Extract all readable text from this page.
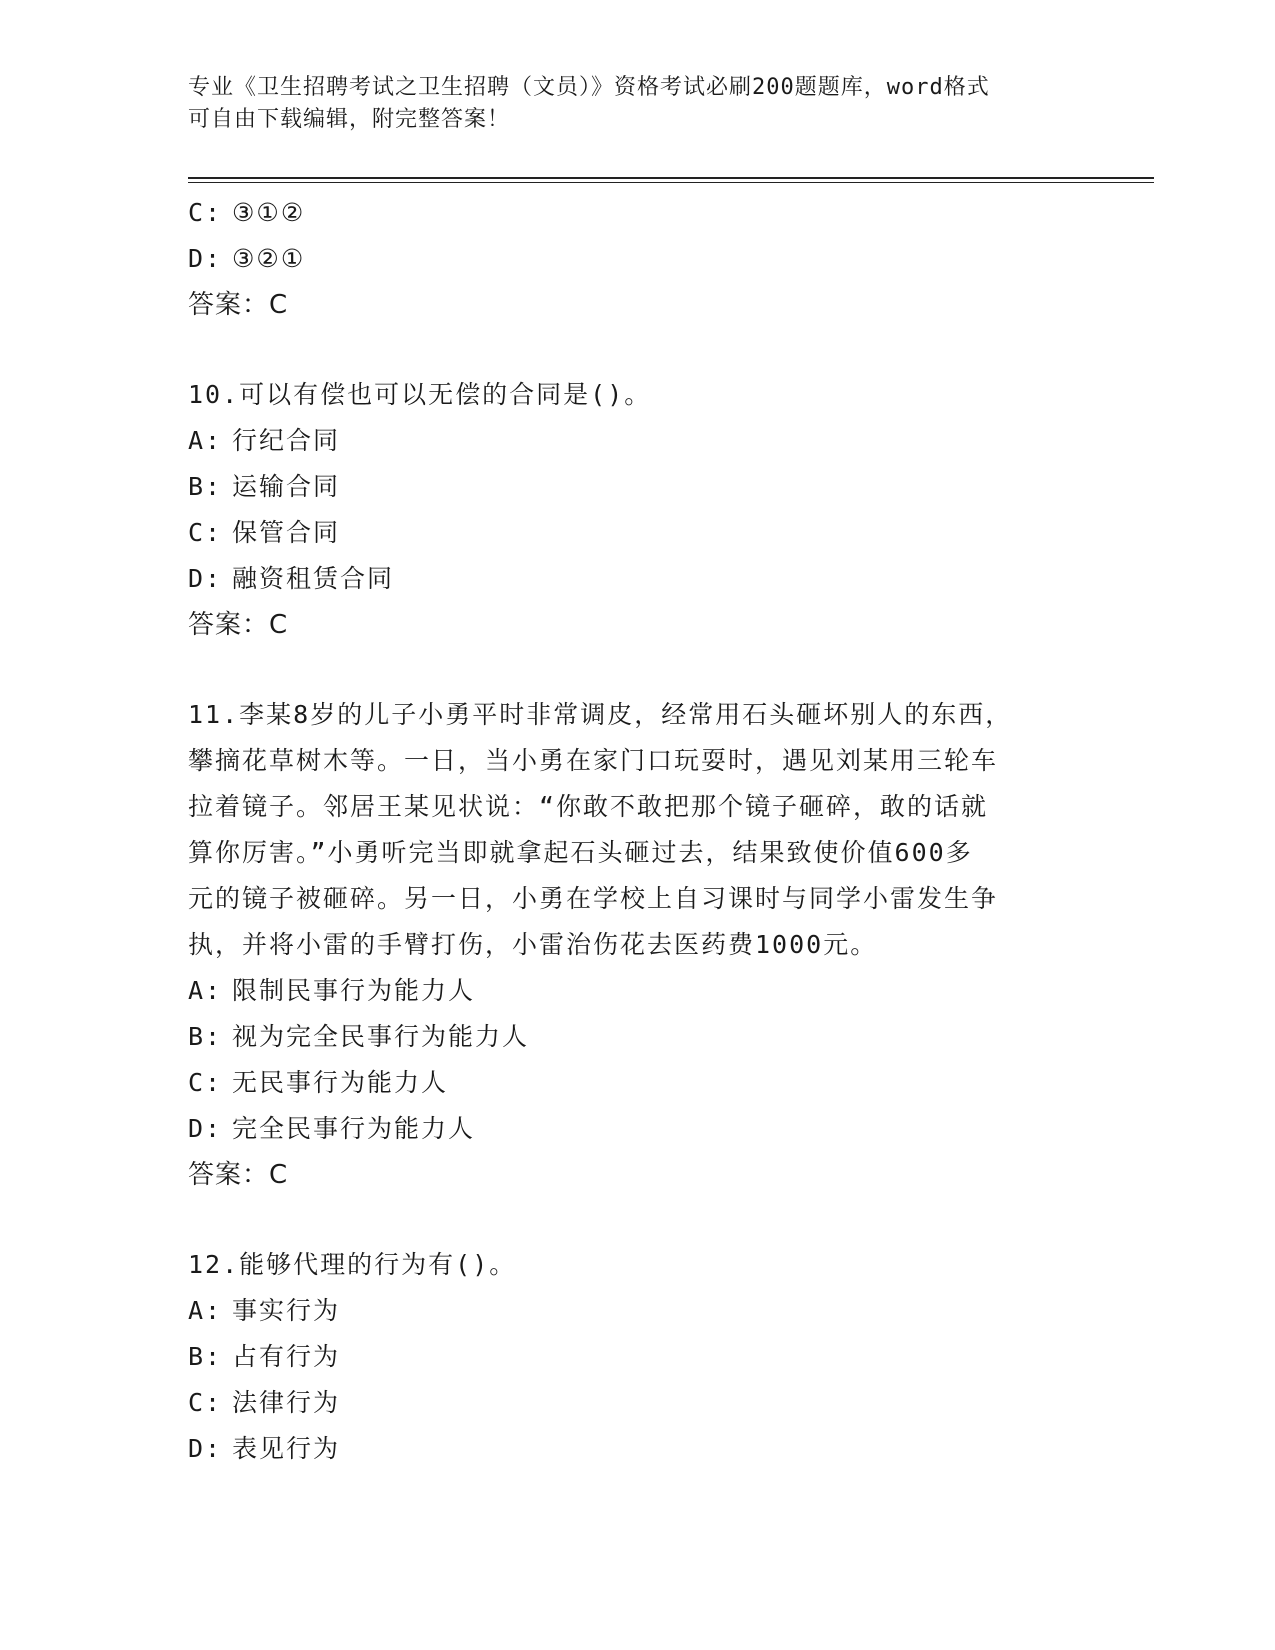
专业《卫生招聘考试之卫生招聘（文员）》资格考试必刷200题题库，word格式
可自由下载编辑，附完整答案！
C: ③①②
D: ③②①
答案：C
10.可以有偿也可以无偿的合同是()。
A: 行纪合同
B: 运输合同
C: 保管合同
D: 融资租赁合同
答案：C
11.李某8岁的儿子小勇平时非常调皮，经常用石头砸坏别人的东西，
攀摘花草树木等。一日，当小勇在家门口玩耍时，遇见刘某用三轮车
拉着镜子。邻居王某见状说：“你敢不敢把那个镜子砸碎，敢的话就
算你厉害。”小勇听完当即就拿起石头砸过去，结果致使价值600多
元的镜子被砸碎。另一日，小勇在学校上自习课时与同学小雷发生争
执，并将小雷的手臂打伤，小雷治伤花去医药费1000元。
A: 限制民事行为能力人
B: 视为完全民事行为能力人
C: 无民事行为能力人
D: 完全民事行为能力人
答案：C
12.能够代理的行为有()。
A: 事实行为
B: 占有行为
C: 法律行为
D: 表见行为
